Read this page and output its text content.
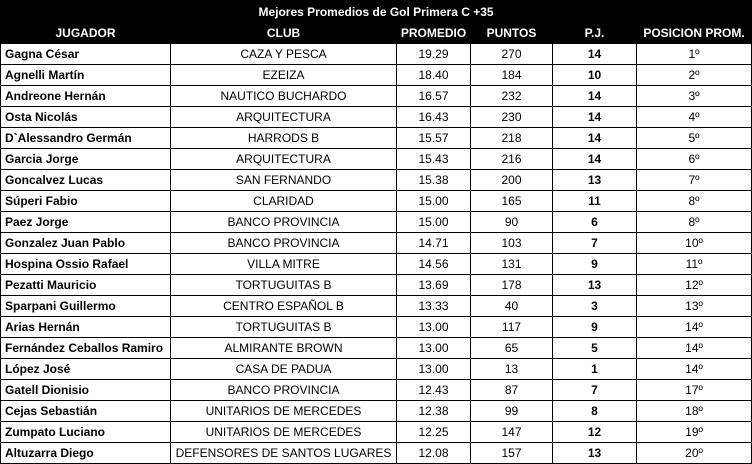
Mejores Promedios de Gol Primera C +35					
JUGADOR	CLUB	PROMEDIO	PUNTOS	P.J.	POSICION PROM.
Gagna César	CAZA Y PESCA	19.29	270	14	1º
Agnelli Martín	EZEIZA	18.40	184	10	2º
Andreone Hernán	NAUTICO BUCHARDO	16.57	232	14	3º
Osta Nicolás	ARQUITECTURA	16.43	230	14	4º
D`Alessandro Germán	HARRODS B	15.57	218	14	5º
Garcia Jorge	ARQUITECTURA	15.43	216	14	6º
Goncalvez Lucas	SAN FERNANDO	15.38	200	13	7º
Súperi Fabio	CLARIDAD	15.00	165	11	8º
Paez Jorge	BANCO PROVINCIA	15.00	90	6	8º
Gonzalez Juan Pablo	BANCO PROVINCIA	14.71	103	7	10º
Hospina Ossio Rafael	VILLA MITRE	14.56	131	9	11º
Pezatti Mauricio	TORTUGUITAS B	13.69	178	13	12º
Sparpani Guillermo	CENTRO ESPAÑOL B	13.33	40	3	13º
Arias Hernán	TORTUGUITAS B	13.00	117	9	14º
Fernández Ceballos Ramiro	ALMIRANTE BROWN	13.00	65	5	14º
López José	CASA DE PADUA	13.00	13	1	14º
Gatell Dionisio	BANCO PROVINCIA	12.43	87	7	17º
Cejas Sebastián	UNITARIOS DE MERCEDES	12.38	99	8	18º
Zumpato Luciano	UNITARIOS DE MERCEDES	12.25	147	12	19º
Altuzarra Diego	DEFENSORES DE SANTOS LUGARES	12.08	157	13	20º
